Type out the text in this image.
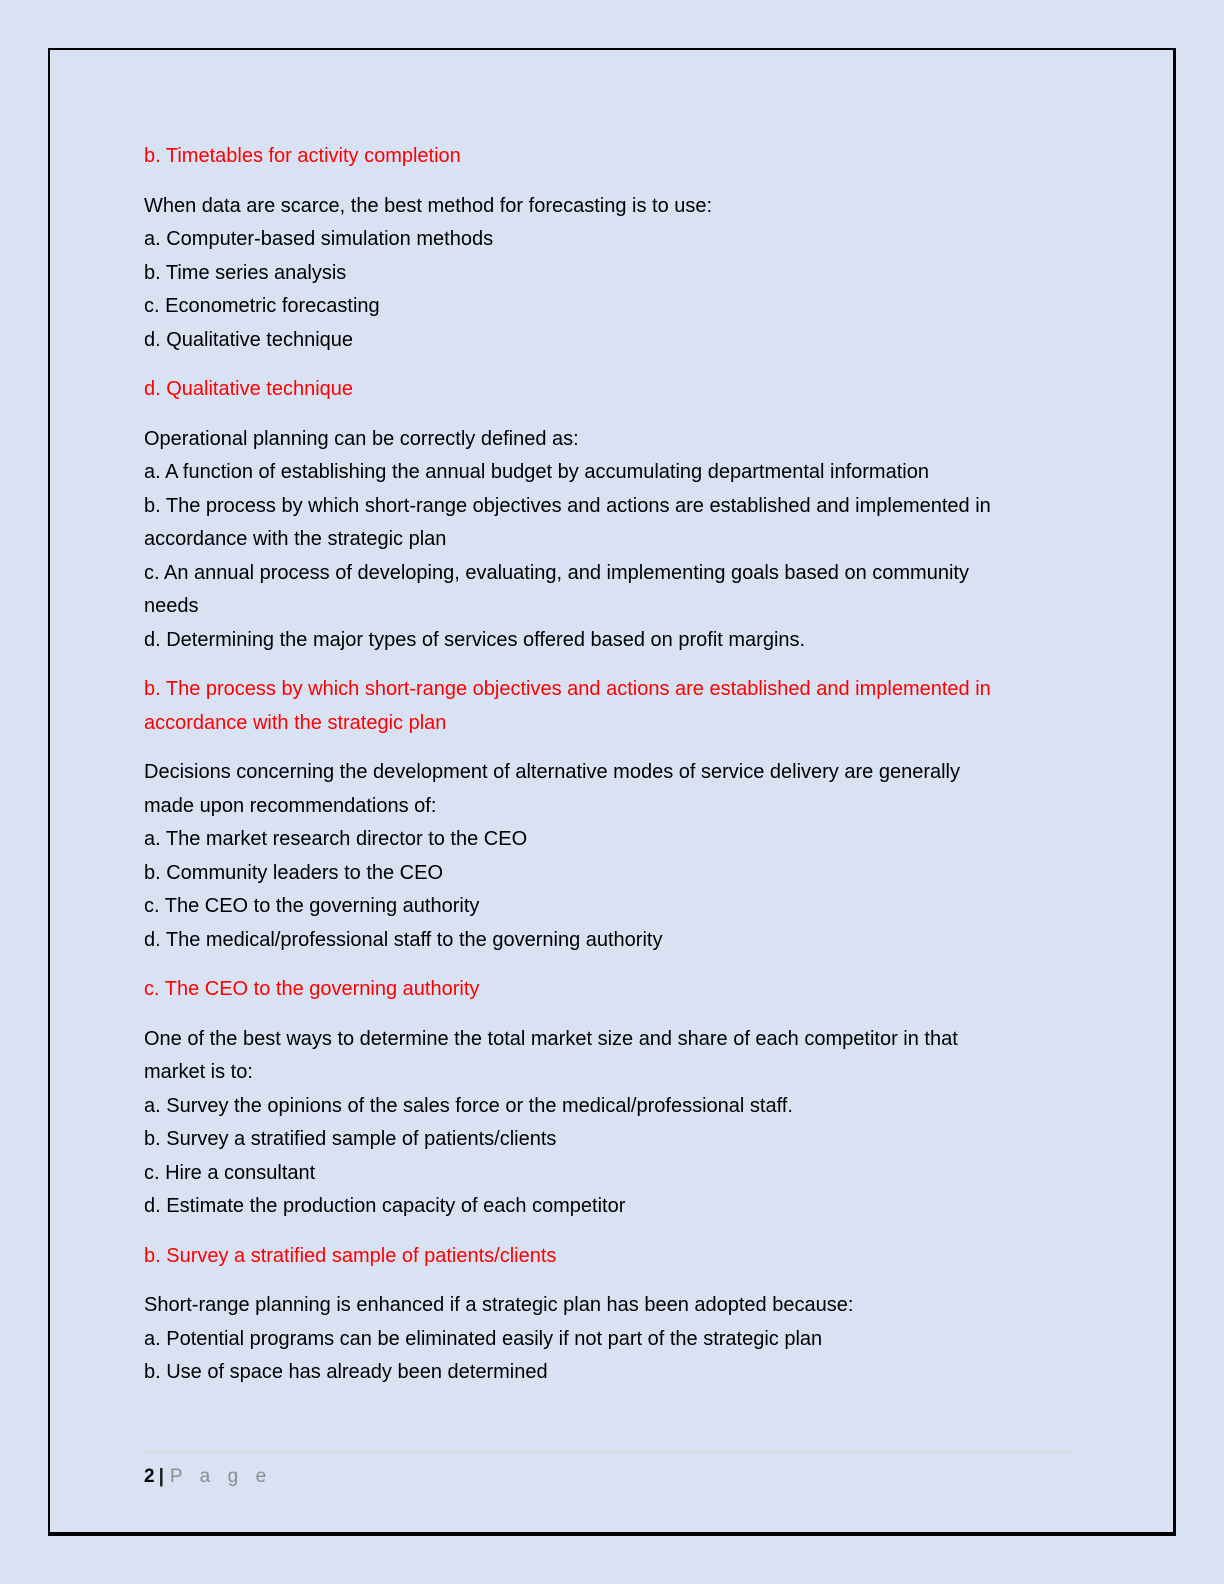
b. Timetables for activity completion
When data are scarce, the best method for forecasting is to use:
a. Computer-based simulation methods
b. Time series analysis
c. Econometric forecasting
d. Qualitative technique
d. Qualitative technique
Operational planning can be correctly defined as:
a. A function of establishing the annual budget by accumulating departmental information
b. The process by which short-range objectives and actions are established and implemented in
accordance with the strategic plan
c. An annual process of developing, evaluating, and implementing goals based on community
needs
d. Determining the major types of services offered based on profit margins.
b. The process by which short-range objectives and actions are established and implemented in
accordance with the strategic plan
Decisions concerning the development of alternative modes of service delivery are generally
made upon recommendations of:
a. The market research director to the CEO
b. Community leaders to the CEO
c. The CEO to the governing authority
d. The medical/professional staff to the governing authority
c. The CEO to the governing authority
One of the best ways to determine the total market size and share of each competitor in that
market is to:
a. Survey the opinions of the sales force or the medical/professional staff.
b. Survey a stratified sample of patients/clients
c. Hire a consultant
d. Estimate the production capacity of each competitor
b. Survey a stratified sample of patients/clients
Short-range planning is enhanced if a strategic plan has been adopted because:
a. Potential programs can be eliminated easily if not part of the strategic plan
b. Use of space has already been determined
2 | P a g e
